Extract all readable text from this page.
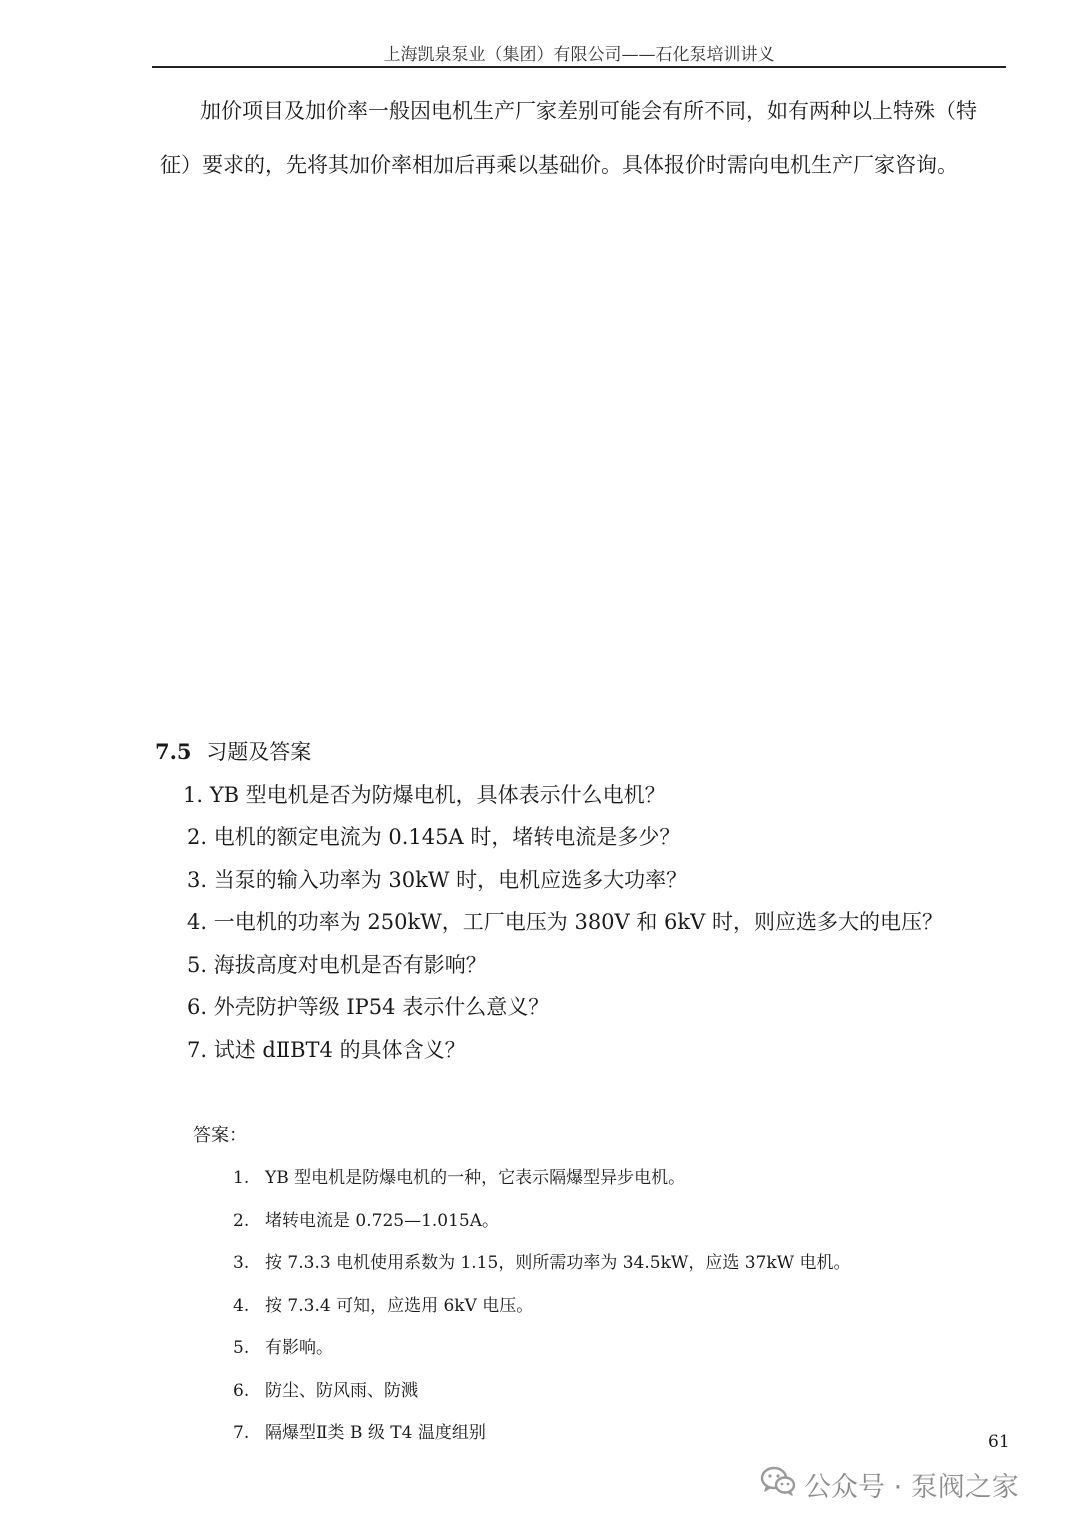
上海凯泉泵业（集团）有限公司——石化泵培训讲义

加价项目及加价率一般因电机生产厂家差别可能会有所不同，如有两种以上特殊（特征）要求的，先将其加价率相加后再乘以基础价。具体报价时需向电机生产厂家咨询。

7.5 习题及答案
1. YB 型电机是否为防爆电机，具体表示什么电机？
2. 电机的额定电流为 0.145A 时，堵转电流是多少？
3. 当泵的输入功率为 30kW 时，电机应选多大功率？
4. 一电机的功率为 250kW，工厂电压为 380V 和 6kV 时，则应选多大的电压？
5. 海拔高度对电机是否有影响？
6. 外壳防护等级 IP54 表示什么意义？
7. 试述 dⅡBT4 的具体含义？
答案：
1. YB 型电机是防爆电机的一种，它表示隔爆型异步电机。
2. 堵转电流是 0.725—1.015A。
3. 按 7.3.3 电机使用系数为 1.15，则所需功率为 34.5kW，应选 37kW 电机。
4. 按 7.3.4 可知，应选用 6kV 电压。
5. 有影响。
6. 防尘、防风雨、防溅
7. 隔爆型Ⅱ类 B 级 T4 温度组别	61
公众号 · 泵阀之家
